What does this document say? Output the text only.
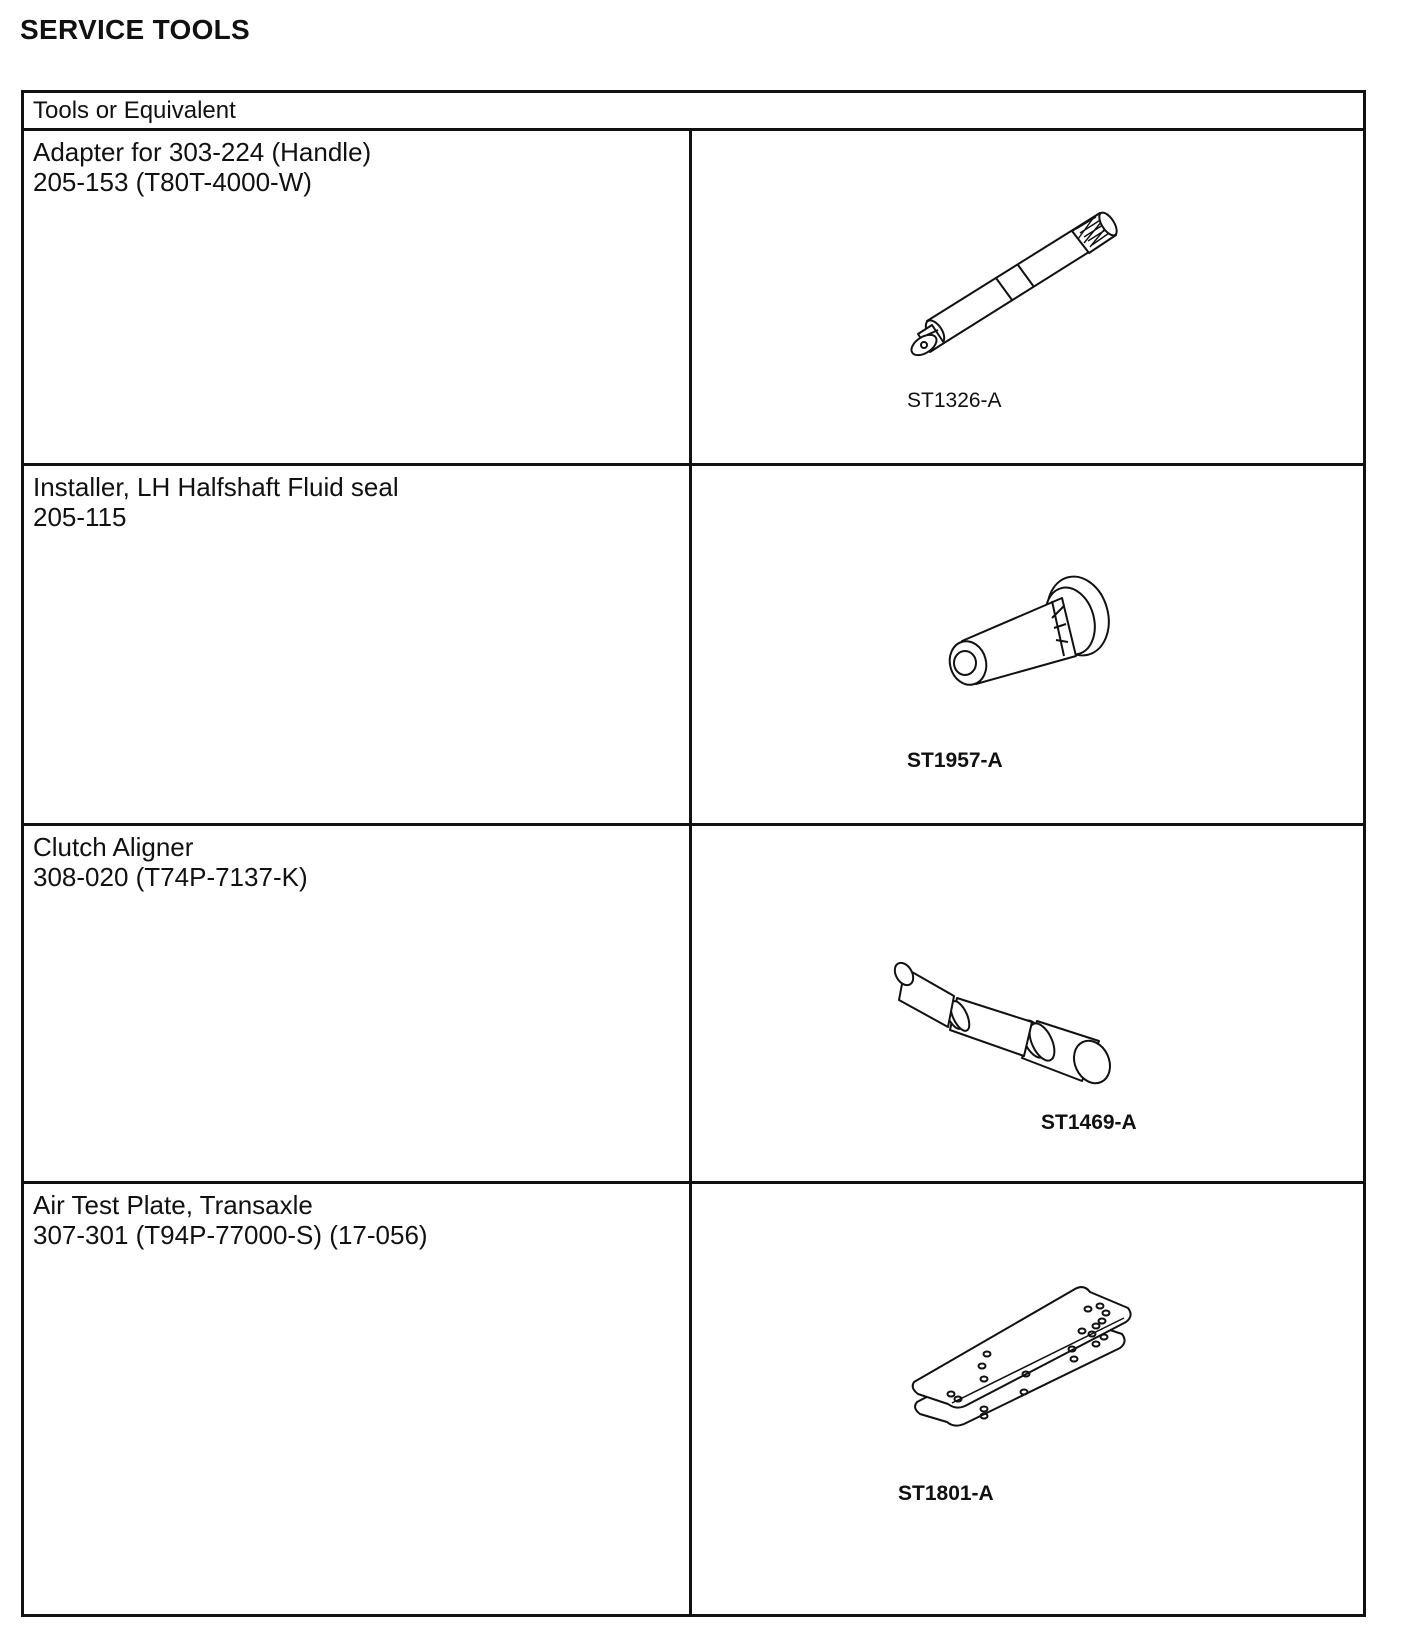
SERVICE TOOLS
Tools or Equivalent
Adapter for 303-224 (Handle)
205-153 (T80T-4000-W)
ST1326-A
Installer, LH Halfshaft Fluid seal
205-115
ST1957-A
Clutch Aligner
308-020 (T74P-7137-K)
ST1469-A
Air Test Plate, Transaxle
307-301 (T94P-77000-S) (17-056)
ST1801-A
